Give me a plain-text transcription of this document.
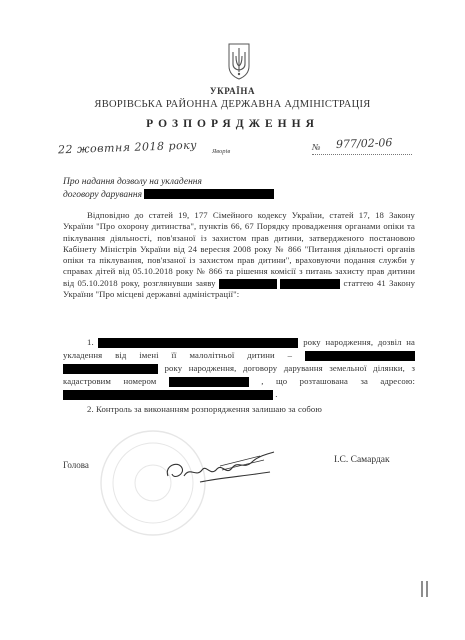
УКРАЇНА
ЯВОРІВСЬКА РАЙОННА ДЕРЖАВНА АДМІНІСТРАЦІЯ
РОЗПОРЯДЖЕННЯ
22 жовтня 2018 року Яворів	№ 977/02-06
Про надання дозволу на укладення
договору дарування
Відповідно до статей 19, 177 Сімейного кодексу України, статей 17, 18 Закону України "Про охорону дитинства", пунктів 66, 67 Порядку провадження органами опіки та піклування діяльності, пов'язаної із захистом прав дитини, затвердженого постановою Кабінету Міністрів України від 24 вересня 2008 року № 866 "Питання діяльності органів опіки та піклування, пов'язаної із захистом прав дитини", враховуючи подання служби у справах дітей від 05.10.2018 року № 866 та рішення комісії з питань захисту прав дитини від 05.10.2018 року, розглянувши заяву	статтею 41 Закону України "Про місцеві державні адміністрації":
1.	року народження, дозвіл на укладення від імені її малолітньої дитини –   року народження, договору дарування земельної ділянки, з кадастровим номером	, що розташована за адресою:  .
2. Контроль за виконанням розпорядження залишаю за собою
Голова	І.С. Самардак
